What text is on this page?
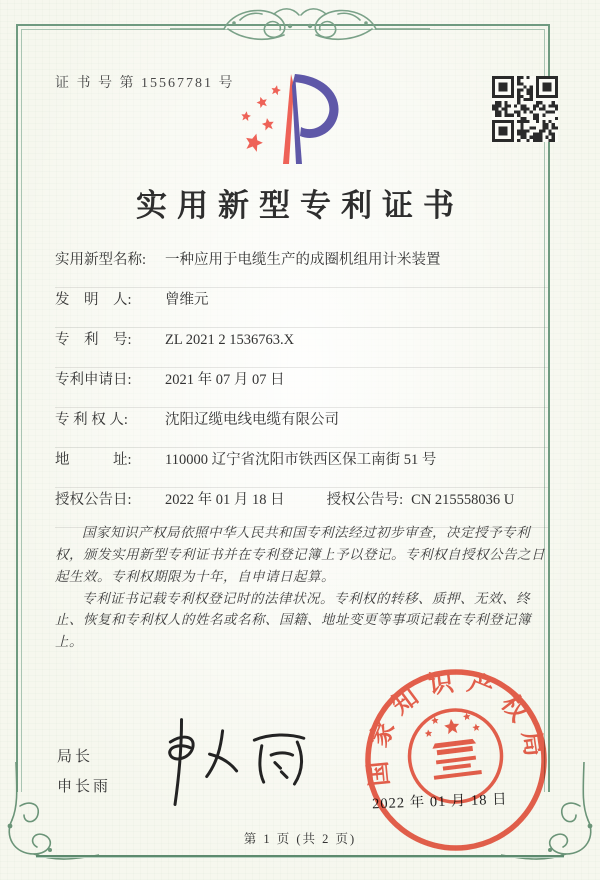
证 书 号 第 15567781 号
实用新型专利证书
实用新型名称:	一种应用于电缆生产的成圈机组用计米装置
发　明　人:	曾维元
专　利　号:	ZL 2021 2 1536763.X
专利申请日:	2021 年 07 月 07 日
专 利 权 人:	沈阳辽缆电线电缆有限公司
地　　　址:	110000 辽宁省沈阳市铁西区保工南街 51 号
授权公告日:	2022 年 01 月 18 日	授权公告号: CN 215558036 U

国家知识产权局依照中华人民共和国专利法经过初步审查，决定授予专利权，颁发实用新型专利证书并在专利登记簿上予以登记。专利权自授权公告之日起生效。专利权期限为十年，自申请日起算。

专利证书记载专利权登记时的法律状况。专利权的转移、质押、无效、终止、恢复和专利权人的姓名或名称、国籍、地址变更等事项记载在专利登记簿上。

局长
申长雨
2022 年 01 月 18 日
国家知识产权局
第 1 页 (共 2 页)
